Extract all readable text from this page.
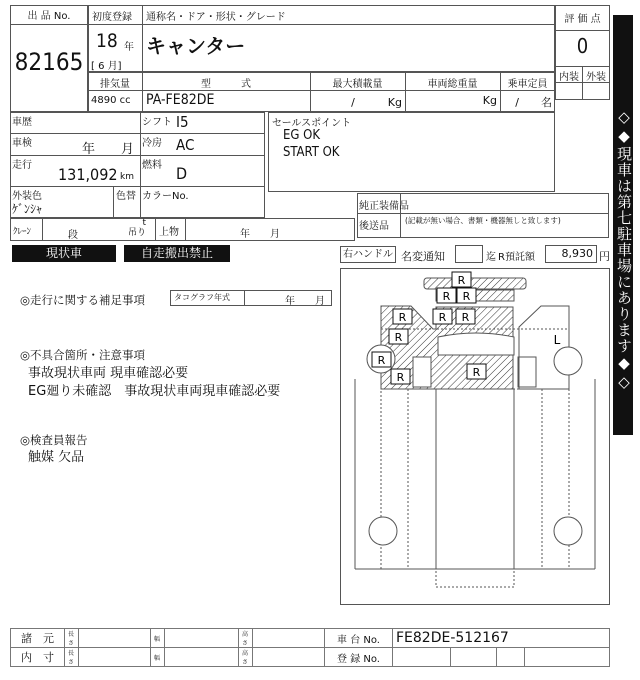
出 品 No.
82165
初度登録 通称名・ドア・形状・グレード
18 年
[ 6 月]
キャンター
排気量	型　　　式	最大積載量	車両総重量	乗車定員
4890 cc PA-FE82DE	/　　　Kg	Kg	/　　名
評 価 点
0
内装 外装
◇◆現車は第七駐車場にあります◆◇
車歴	シフト I5
車検	年　　月 冷房 AC
走行 131,092 km
燃料 D
外装色
ｹﾞﾝｼｬ
色替 カラーNo.
ｸﾚｰﾝ	段
t
吊り 上物	年　　月
セールスポイント
EG OK
START OK
純正装備品
後送品
(記載が無い場合、書類・機器無しと致します)
現状車	自走搬出禁止	右ハンドル 名変通知	迄 R預託額	8,930 円
◎走行に関する補足事項	タコグラフ年式	年　　月
◎不具合箇所・注意事項
事故現状車両 現車確認必要
EG廻り未確認　事故現状車両現車確認必要
◎検査員報告
触媒 欠品
R
R R
R	R R
R
R
R	R
L
諸　元	長さ		幅		高さ		車 台 No.	FE82DE-512167			
内　寸	長さ		幅		高さ		登 録 No.				
